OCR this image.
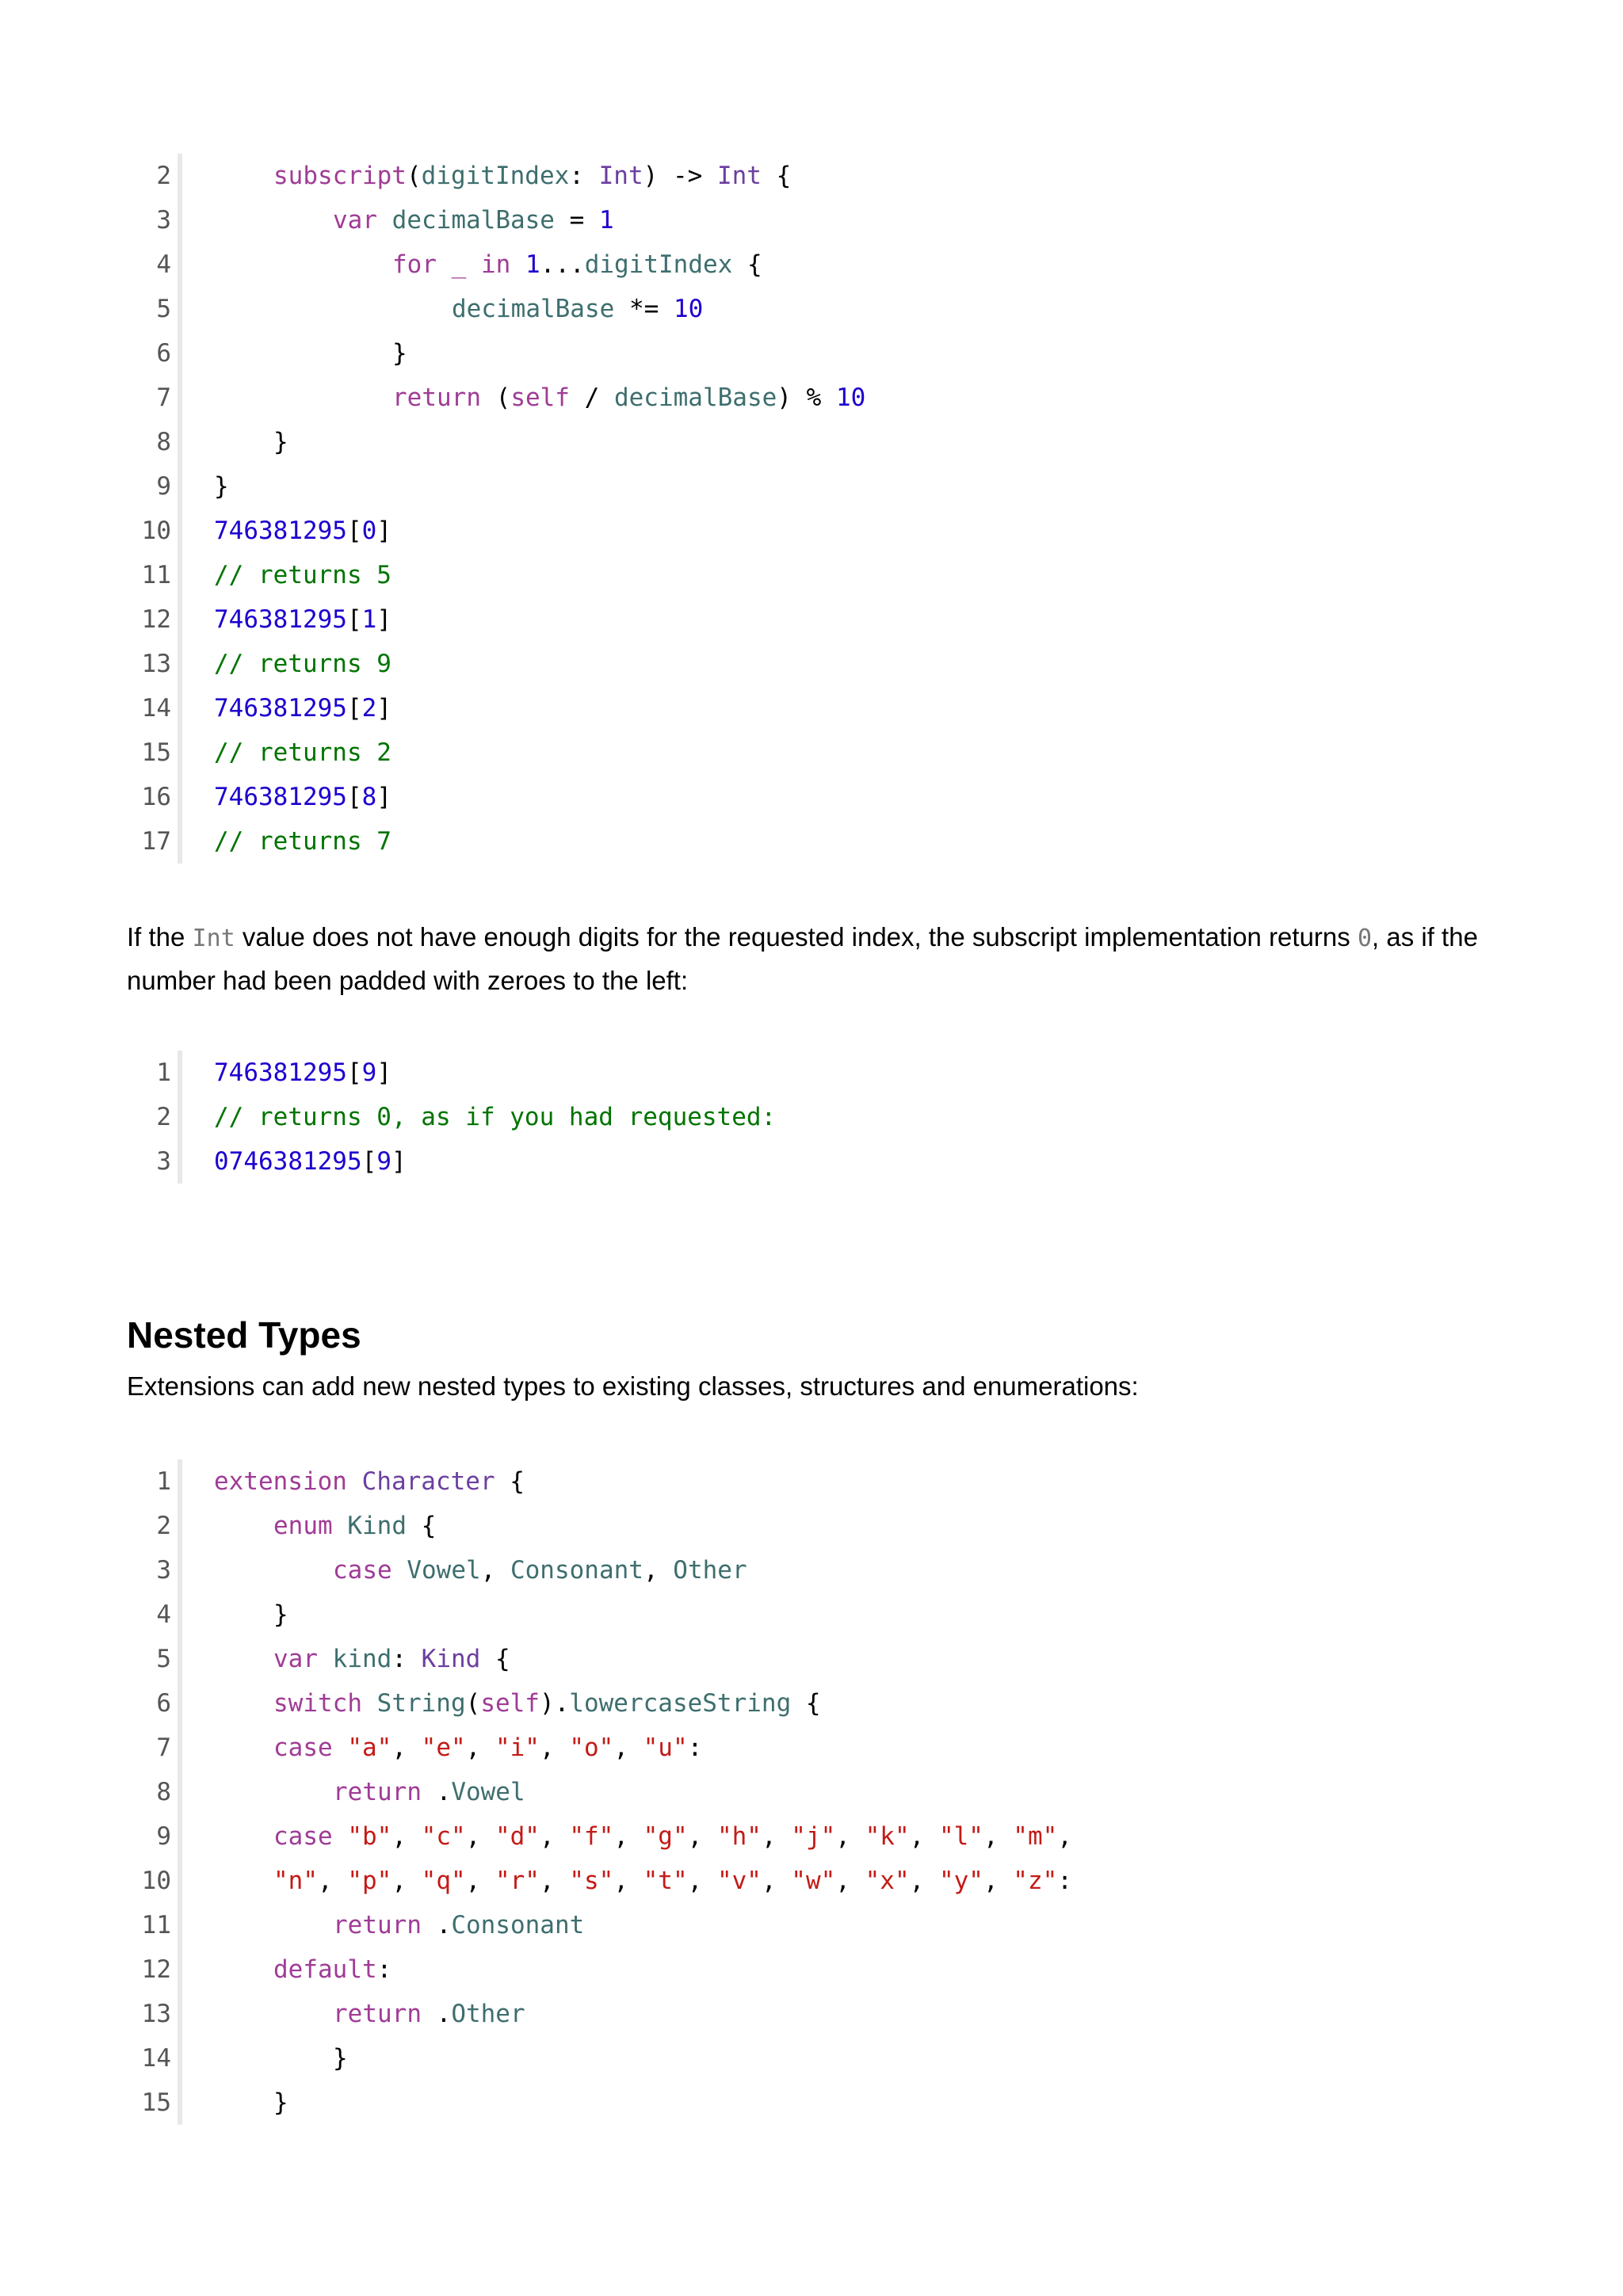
2	subscript(digitIndex: Int) -> Int {
3	var decimalBase = 1
4	for _ in 1...digitIndex {
5	decimalBase *= 10
6	}
7	return (self / decimalBase) % 10
8	}
9 }
10 746381295[0]
11 // returns 5
12 746381295[1]
13 // returns 9
14 746381295[2]
15 // returns 2
16 746381295[8]
17 // returns 7
If the Int value does not have enough digits for the requested index, the subscript implementation returns 0, as if the number had been padded with zeroes to the left:
1 746381295[9]
2 // returns 0, as if you had requested:
3 0746381295[9]
Nested Types
Extensions can add new nested types to existing classes, structures and enumerations:
1 extension Character {
2	enum Kind {
3	case Vowel, Consonant, Other
4	}
5	var kind: Kind {
6	switch String(self).lowercaseString {
7	case "a", "e", "i", "o", "u":
8	return .Vowel
9	case "b", "c", "d", "f", "g", "h", "j", "k", "l", "m",
10	"n", "p", "q", "r", "s", "t", "v", "w", "x", "y", "z":
11	return .Consonant
12	default:
13	return .Other
14	}
15	}
